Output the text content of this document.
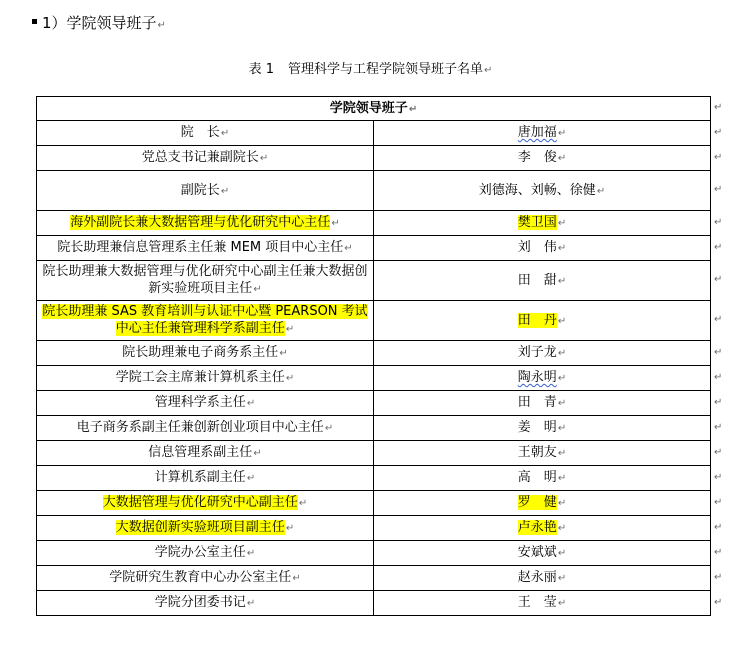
1）学院领导班子↵
表 1 管理科学与工程学院领导班子名单↵
学院领导班子↵	
院　长↵	唐加福↵
党总支书记兼副院长↵	李　俊↵
副院长↵	刘德海、刘畅、徐健↵
海外副院长兼大数据管理与优化研究中心主任↵	樊卫国↵
院长助理兼信息管理系主任兼 MEM 项目中心主任↵	刘　伟↵
院长助理兼大数据管理与优化研究中心副主任兼大数据创新实验班项目主任↵	田　甜↵
院长助理兼 SAS 教育培训与认证中心暨 PEARSON 考试中心主任兼管理科学系副主任↵	田　丹↵
院长助理兼电子商务系主任↵	刘子龙↵
学院工会主席兼计算机系主任↵	陶永明↵
管理科学系主任↵	田　青↵
电子商务系副主任兼创新创业项目中心主任↵	姜　明↵
信息管理系副主任↵	王朝友↵
计算机系副主任↵	高　明↵
大数据管理与优化研究中心副主任↵	罗　健↵
大数据创新实验班项目副主任↵	卢永艳↵
学院办公室主任↵	安斌斌↵
学院研究生教育中心办公室主任↵	赵永丽↵
学院分团委书记↵	王　莹↵
↵
↵
↵
↵
↵
↵
↵
↵
↵
↵
↵
↵
↵
↵
↵
↵
↵
↵
↵
